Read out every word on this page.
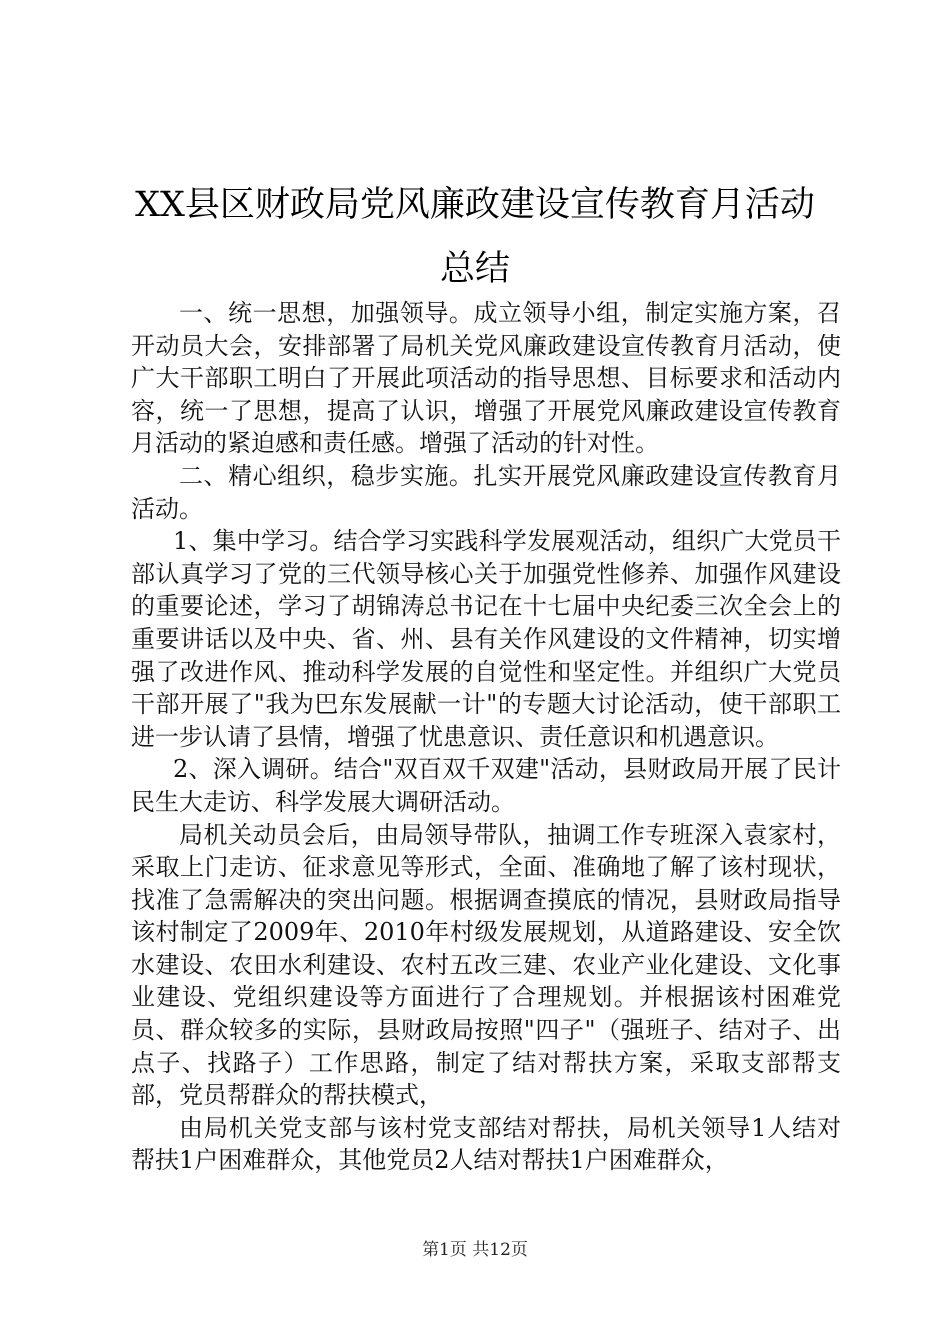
XX县区财政局党风廉政建设宣传教育月活动
总结

一、统一思想，加强领导。成立领导小组，制定实施方案，召开动员大会，安排部署了局机关党风廉政建设宣传教育月活动，使广大干部职工明白了开展此项活动的指导思想、目标要求和活动内容，统一了思想，提高了认识，增强了开展党风廉政建设宣传教育月活动的紧迫感和责任感。增强了活动的针对性。

二、精心组织，稳步实施。扎实开展党风廉政建设宣传教育月活动。

1、集中学习。结合学习实践科学发展观活动，组织广大党员干部认真学习了党的三代领导核心关于加强党性修养、加强作风建设的重要论述，学习了胡锦涛总书记在十七届中央纪委三次全会上的重要讲话以及中央、省、州、县有关作风建设的文件精神，切实增强了改进作风、推动科学发展的自觉性和坚定性。并组织广大党员干部开展了"我为巴东发展献一计"的专题大讨论活动，使干部职工进一步认请了县情，增强了忧患意识、责任意识和机遇意识。

2、深入调研。结合"双百双千双建"活动，县财政局开展了民计民生大走访、科学发展大调研活动。

局机关动员会后，由局领导带队，抽调工作专班深入袁家村，采取上门走访、征求意见等形式，全面、准确地了解了该村现状，找准了急需解决的突出问题。根据调查摸底的情况，县财政局指导该村制定了2009年、2010年村级发展规划，从道路建设、安全饮水建设、农田水利建设、农村五改三建、农业产业化建设、文化事业建设、党组织建设等方面进行了合理规划。并根据该村困难党员、群众较多的实际，县财政局按照"四子"（强班子、结对子、出点子、找路子）工作思路，制定了结对帮扶方案，采取支部帮支部，党员帮群众的帮扶模式，

由局机关党支部与该村党支部结对帮扶，局机关领导1人结对帮扶1户困难群众，其他党员2人结对帮扶1户困难群众，

第1页 共12页
